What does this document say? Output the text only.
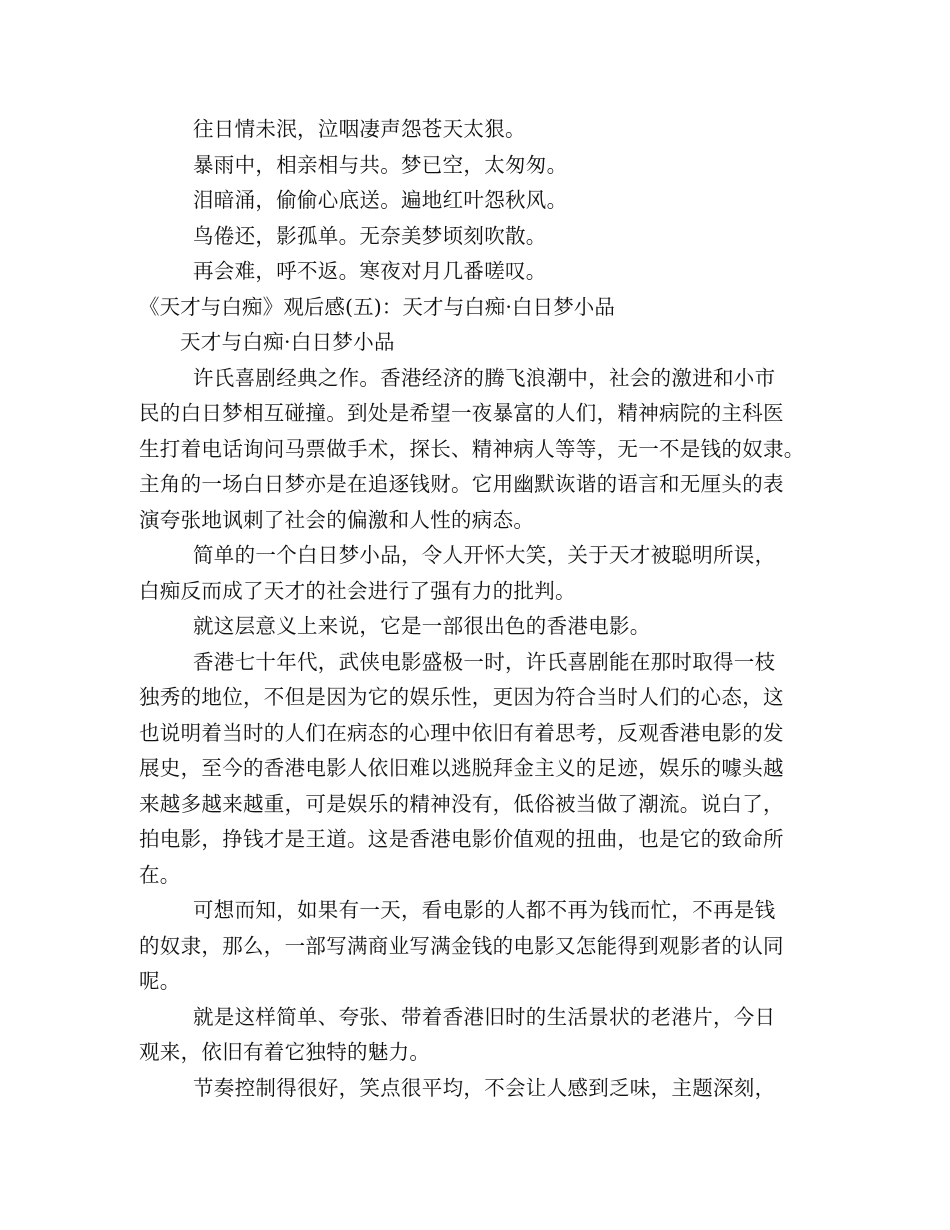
往日情未泯，泣咽凄声怨苍天太狠。
暴雨中，相亲相与共。梦已空，太匆匆。
泪暗涌，偷偷心底送。遍地红叶怨秋风。
鸟倦还，影孤单。无奈美梦顷刻吹散。
再会难，呼不返。寒夜对月几番嗟叹。
《天才与白痴》观后感(五)：天才与白痴·白日梦小品
天才与白痴·白日梦小品
许氏喜剧经典之作。香港经济的腾飞浪潮中，社会的激进和小市
民的白日梦相互碰撞。到处是希望一夜暴富的人们，精神病院的主科医
生打着电话询问马票做手术，探长、精神病人等等，无一不是钱的奴隶。
主角的一场白日梦亦是在追逐钱财。它用幽默诙谐的语言和无厘头的表
演夸张地讽刺了社会的偏激和人性的病态。
简单的一个白日梦小品，令人开怀大笑，关于天才被聪明所误，
白痴反而成了天才的社会进行了强有力的批判。
就这层意义上来说，它是一部很出色的香港电影。
香港七十年代，武侠电影盛极一时，许氏喜剧能在那时取得一枝
独秀的地位，不但是因为它的娱乐性，更因为符合当时人们的心态，这
也说明着当时的人们在病态的心理中依旧有着思考，反观香港电影的发
展史，至今的香港电影人依旧难以逃脱拜金主义的足迹，娱乐的噱头越
来越多越来越重，可是娱乐的精神没有，低俗被当做了潮流。说白了，
拍电影，挣钱才是王道。这是香港电影价值观的扭曲，也是它的致命所
在。
可想而知，如果有一天，看电影的人都不再为钱而忙，不再是钱
的奴隶，那么，一部写满商业写满金钱的电影又怎能得到观影者的认同
呢。
就是这样简单、夸张、带着香港旧时的生活景状的老港片，今日
观来，依旧有着它独特的魅力。
节奏控制得很好，笑点很平均，不会让人感到乏味，主题深刻，
